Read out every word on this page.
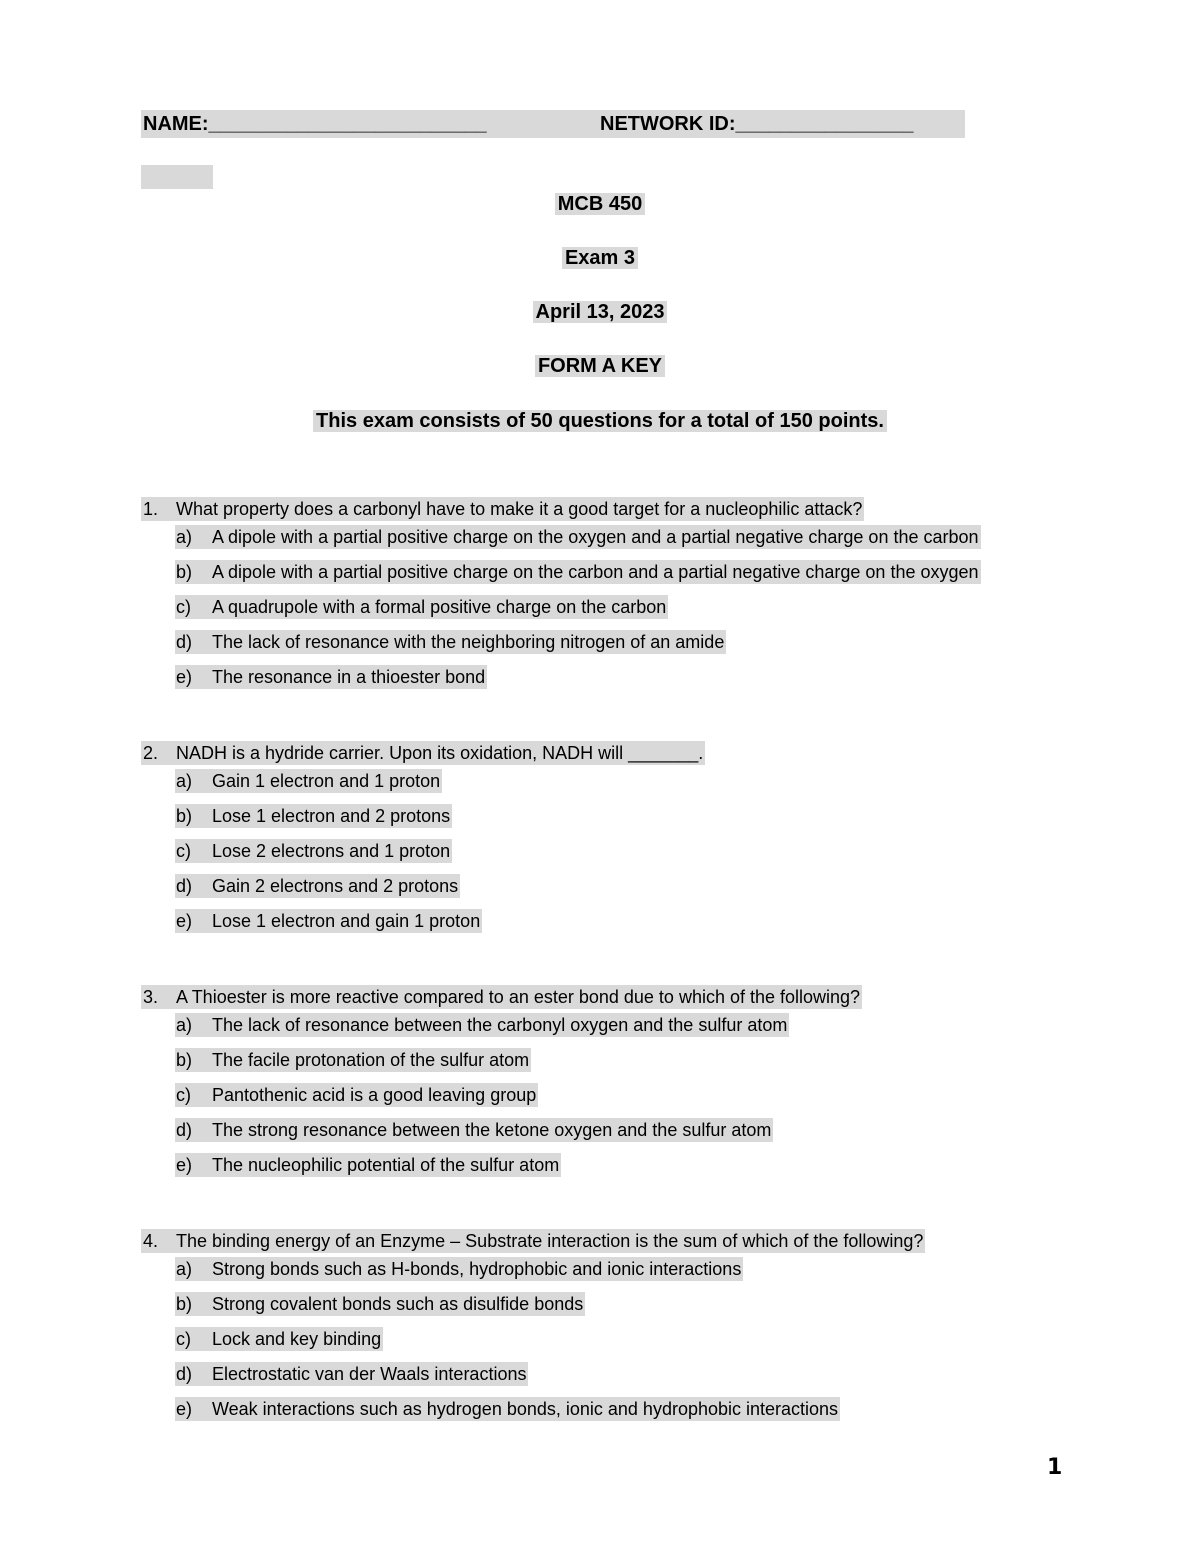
NAME:_________________________	NETWORK ID:________________
MCB 450
Exam 3
April 13, 2023
FORM A KEY
This exam consists of 50 questions for a total of 150 points.
1. What property does a carbonyl have to make it a good target for a nucleophilic attack?
a) A dipole with a partial positive charge on the oxygen and a partial negative charge on the carbon
b) A dipole with a partial positive charge on the carbon and a partial negative charge on the oxygen
c) A quadrupole with a formal positive charge on the carbon
d) The lack of resonance with the neighboring nitrogen of an amide
e) The resonance in a thioester bond
2. NADH is a hydride carrier. Upon its oxidation, NADH will _______.
a) Gain 1 electron and 1 proton
b) Lose 1 electron and 2 protons
c) Lose 2 electrons and 1 proton
d) Gain 2 electrons and 2 protons
e) Lose 1 electron and gain 1 proton
3. A Thioester is more reactive compared to an ester bond due to which of the following?
a) The lack of resonance between the carbonyl oxygen and the sulfur atom
b) The facile protonation of the sulfur atom
c) Pantothenic acid is a good leaving group
d) The strong resonance between the ketone oxygen and the sulfur atom
e) The nucleophilic potential of the sulfur atom
4. The binding energy of an Enzyme – Substrate interaction is the sum of which of the following?
a) Strong bonds such as H-bonds, hydrophobic and ionic interactions
b) Strong covalent bonds such as disulfide bonds
c) Lock and key binding
d) Electrostatic van der Waals interactions
e) Weak interactions such as hydrogen bonds, ionic and hydrophobic interactions
1
